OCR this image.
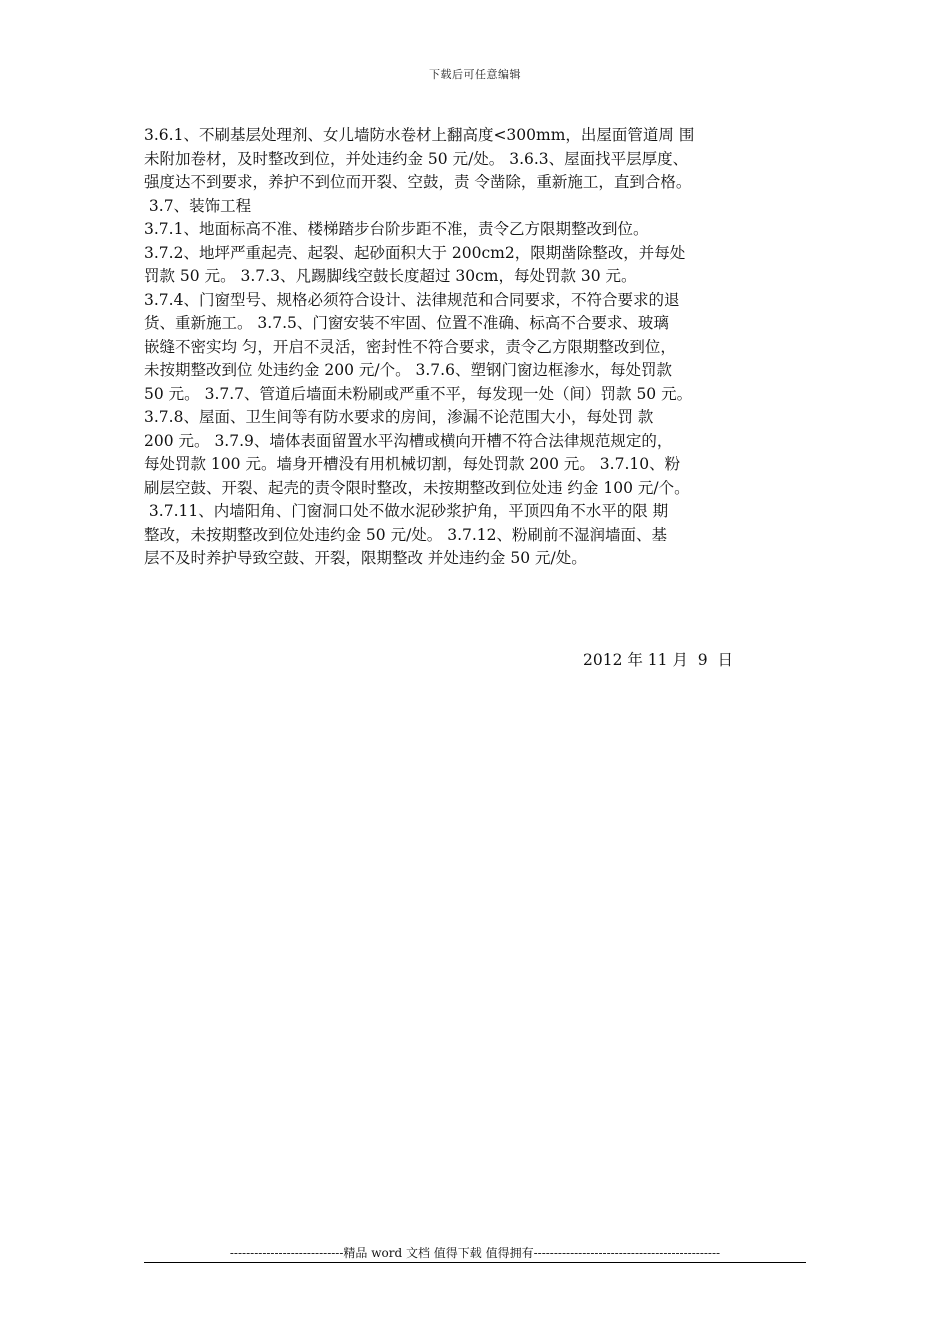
下载后可任意编辑
3.6.1、不刷基层处理剂、女儿墙防水卷材上翻高度<300mm，出屋面管道周 围
未附加卷材，及时整改到位，并处违约金 50 元/处。 3.6.3、屋面找平层厚度、
强度达不到要求，养护不到位而开裂、空鼓，责 令凿除，重新施工，直到合格。
3.7、装饰工程
3.7.1、地面标高不准、楼梯踏步台阶步距不准，责令乙方限期整改到位。
3.7.2、地坪严重起壳、起裂、起砂面积大于 200cm2，限期凿除整改，并每处
罚款 50 元。 3.7.3、凡踢脚线空鼓长度超过 30cm，每处罚款 30 元。
3.7.4、门窗型号、规格必须符合设计、法律规范和合同要求，不符合要求的退
货、重新施工。 3.7.5、门窗安装不牢固、位置不准确、标高不合要求、玻璃
嵌缝不密实均 匀，开启不灵活，密封性不符合要求，责令乙方限期整改到位，
未按期整改到位 处违约金 200 元/个。 3.7.6、塑钢门窗边框渗水，每处罚款
50 元。 3.7.7、管道后墙面未粉刷或严重不平，每发现一处（间）罚款 50 元。
3.7.8、屋面、卫生间等有防水要求的房间，渗漏不论范围大小，每处罚 款
200 元。 3.7.9、墙体表面留置水平沟槽或横向开槽不符合法律规范规定的，
每处罚款 100 元。墙身开槽没有用机械切割，每处罚款 200 元。 3.7.10、粉
刷层空鼓、开裂、起壳的责令限时整改，未按期整改到位处违 约金 100 元/个。
3.7.11、内墙阳角、门窗洞口处不做水泥砂浆护角，平顶四角不水平的限 期
整改，未按期整改到位处违约金 50 元/处。 3.7.12、粉刷前不湿润墙面、基
层不及时养护导致空鼓、开裂，限期整改 并处违约金 50 元/处。
2012 年 11 月  9  日
----------------------------精品 word 文档 值得下载 值得拥有----------------------------------------------
